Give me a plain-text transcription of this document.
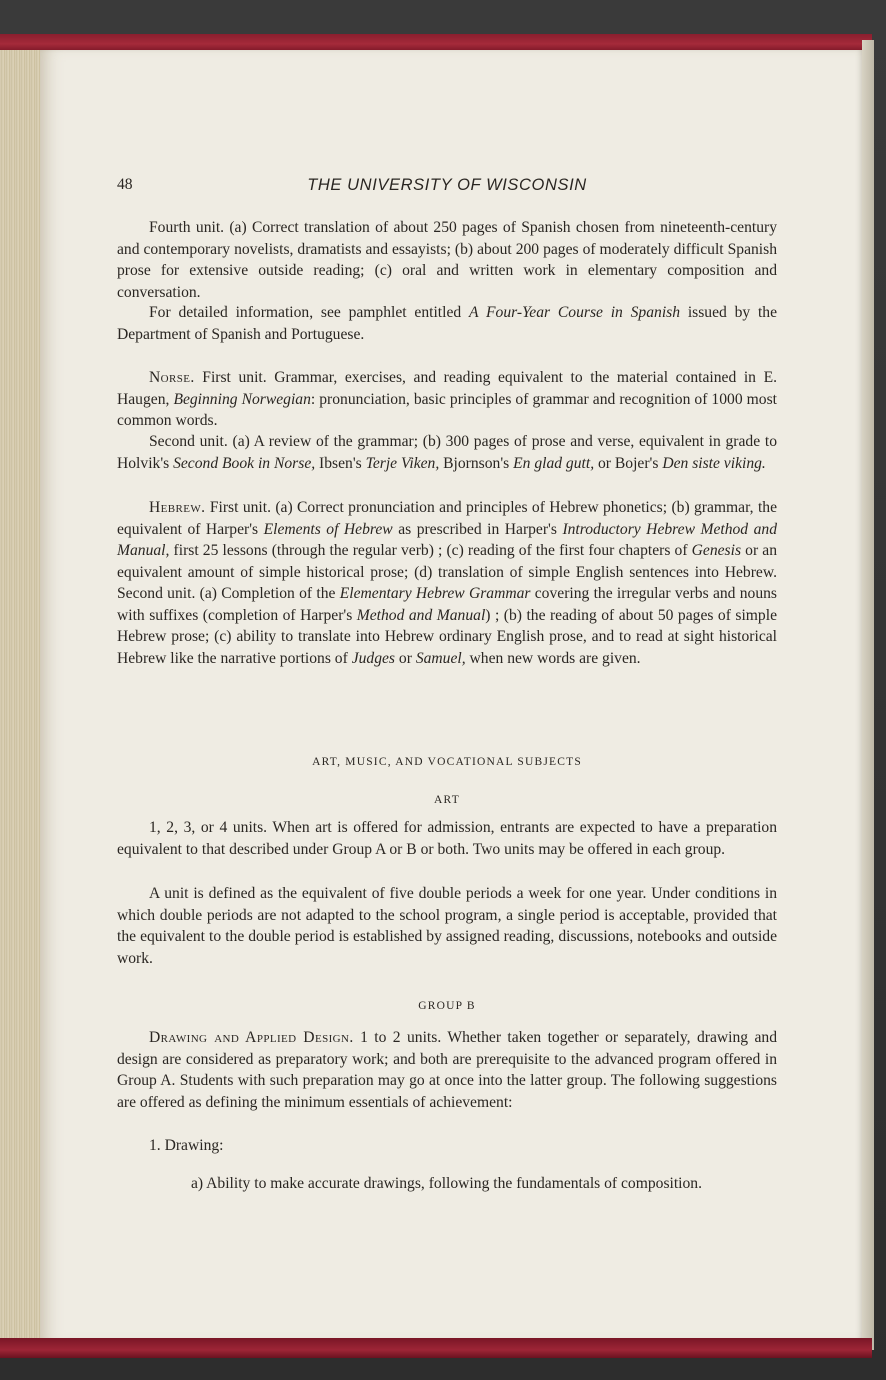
48	THE UNIVERSITY OF WISCONSIN

Fourth unit. (a) Correct translation of about 250 pages of Spanish chosen from nineteenth-century and contemporary novelists, dramatists and essayists; (b) about 200 pages of moderately difficult Spanish prose for extensive outside reading; (c) oral and written work in elementary composition and conversation.

For detailed information, see pamphlet entitled A Four-Year Course in Spanish issued by the Department of Spanish and Portuguese.

Norse. First unit. Grammar, exercises, and reading equivalent to the material contained in E. Haugen, Beginning Norwegian: pronunciation, basic principles of grammar and recognition of 1000 most common words.

Second unit. (a) A review of the grammar; (b) 300 pages of prose and verse, equivalent in grade to Holvik's Second Book in Norse, Ibsen's Terje Viken, Bjornson's En glad gutt, or Bojer's Den siste viking.

Hebrew. First unit. (a) Correct pronunciation and principles of Hebrew phonetics; (b) grammar, the equivalent of Harper's Elements of Hebrew as prescribed in Harper's Introductory Hebrew Method and Manual, first 25 lessons (through the regular verb) ; (c) reading of the first four chapters of Genesis or an equivalent amount of simple historical prose; (d) translation of simple English sentences into Hebrew. Second unit. (a) Completion of the Elementary Hebrew Grammar covering the irregular verbs and nouns with suffixes (completion of Harper's Method and Manual) ; (b) the reading of about 50 pages of simple Hebrew prose; (c) ability to translate into Hebrew ordinary English prose, and to read at sight historical Hebrew like the narrative portions of Judges or Samuel, when new words are given.

ART, MUSIC, AND VOCATIONAL SUBJECTS

ART

1, 2, 3, or 4 units. When art is offered for admission, entrants are expected to have a preparation equivalent to that described under Group A or B or both. Two units may be offered in each group.

A unit is defined as the equivalent of five double periods a week for one year. Under conditions in which double periods are not adapted to the school program, a single period is acceptable, provided that the equivalent to the double period is established by assigned reading, discussions, notebooks and outside work.

GROUP B

Drawing and Applied Design. 1 to 2 units. Whether taken together or separately, drawing and design are considered as preparatory work; and both are prerequisite to the advanced program offered in Group A. Students with such preparation may go at once into the latter group. The following suggestions are offered as defining the minimum essentials of achievement:

1. Drawing:

a) Ability to make accurate drawings, following the fundamentals of composition.
